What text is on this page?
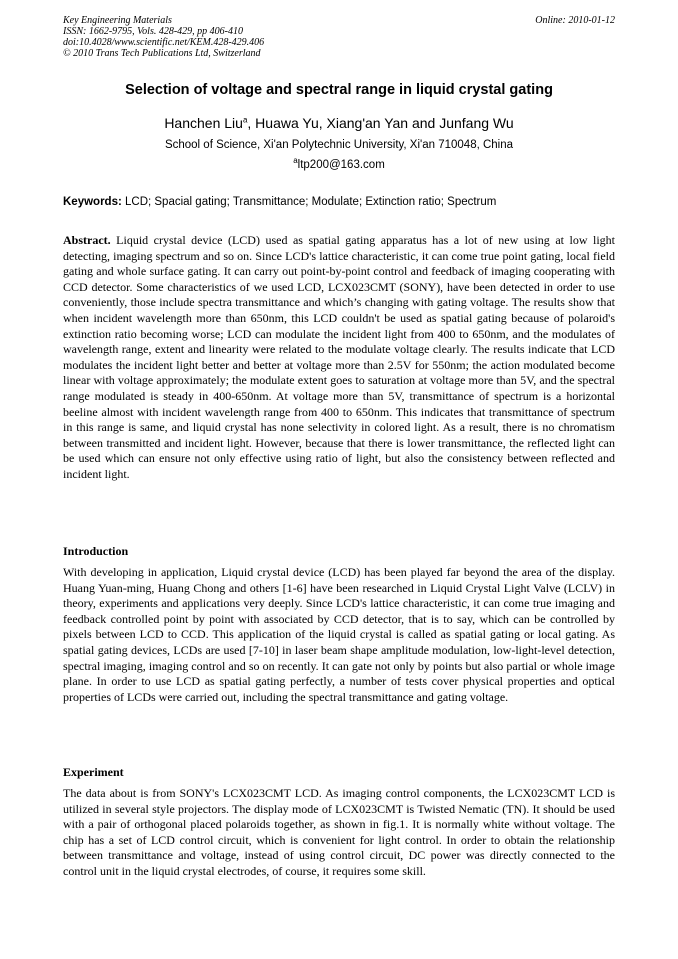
Key Engineering Materials
ISSN: 1662-9795, Vols. 428-429, pp 406-410
doi:10.4028/www.scientific.net/KEM.428-429.406
© 2010 Trans Tech Publications Ltd, Switzerland
Online: 2010-01-12
Selection of voltage and spectral range in liquid crystal gating
Hanchen Liu$^a$, Huawa Yu, Xiang'an Yan and Junfang Wu
School of Science, Xi'an Polytechnic University, Xi'an 710048, China
$^a$ltp200@163.com
Keywords: LCD; Spacial gating; Transmittance; Modulate; Extinction ratio; Spectrum

Abstract. Liquid crystal device (LCD) used as spatial gating apparatus has a lot of new using at low light detecting, imaging spectrum and so on. Since LCD's lattice characteristic, it can come true point gating, local field gating and whole surface gating. It can carry out point-by-point control and feedback of imaging cooperating with CCD detector. Some characteristics of we used LCD, LCX023CMT (SONY), have been detected in order to use conveniently, those include spectra transmittance and which’s changing with gating voltage. The results show that when incident wavelength more than 650nm, this LCD couldn't be used as spatial gating because of polaroid's extinction ratio becoming worse; LCD can modulate the incident light from 400 to 650nm, and the modulates of wavelength range, extent and linearity were related to the modulate voltage clearly. The results indicate that LCD modulates the incident light better and better at voltage more than 2.5V for 550nm; the action modulated become linear with voltage approximately; the modulate extent goes to saturation at voltage more than 5V, and the spectral range modulated is steady in 400-650nm. At voltage more than 5V, transmittance of spectrum is a horizontal beeline almost with incident wavelength range from 400 to 650nm. This indicates that transmittance of spectrum in this range is same, and liquid crystal has none selectivity in colored light. As a result, there is no chromatism between transmitted and incident light. However, because that there is lower transmittance, the reflected light can be used which can ensure not only effective using ratio of light, but also the consistency between reflected and incident light.

Introduction

With developing in application, Liquid crystal device (LCD) has been played far beyond the area of the display. Huang Yuan-ming, Huang Chong and others [1-6] have been researched in Liquid Crystal Light Valve (LCLV) in theory, experiments and applications very deeply. Since LCD's lattice characteristic, it can come true imaging and feedback controlled point by point with associated by CCD detector, that is to say, which can be controlled by pixels between LCD to CCD. This application of the liquid crystal is called as spatial gating or local gating. As spatial gating devices, LCDs are used [7-10] in laser beam shape amplitude modulation, low-light-level detection, spectral imaging, imaging control and so on recently. It can gate not only by points but also partial or whole image plane. In order to use LCD as spatial gating perfectly, a number of tests cover physical properties and optical properties of LCDs were carried out, including the spectral transmittance and gating voltage.

Experiment

The data about is from SONY's LCX023CMT LCD. As imaging control components, the LCX023CMT LCD is utilized in several style projectors. The display mode of LCX023CMT is Twisted Nematic (TN). It should be used with a pair of orthogonal placed polaroids together, as shown in fig.1. It is normally white without voltage. The chip has a set of LCD control circuit, which is convenient for light control. In order to obtain the relationship between transmittance and voltage, instead of using control circuit, DC power was directly connected to the control unit in the liquid crystal electrodes, of course, it requires some skill.
